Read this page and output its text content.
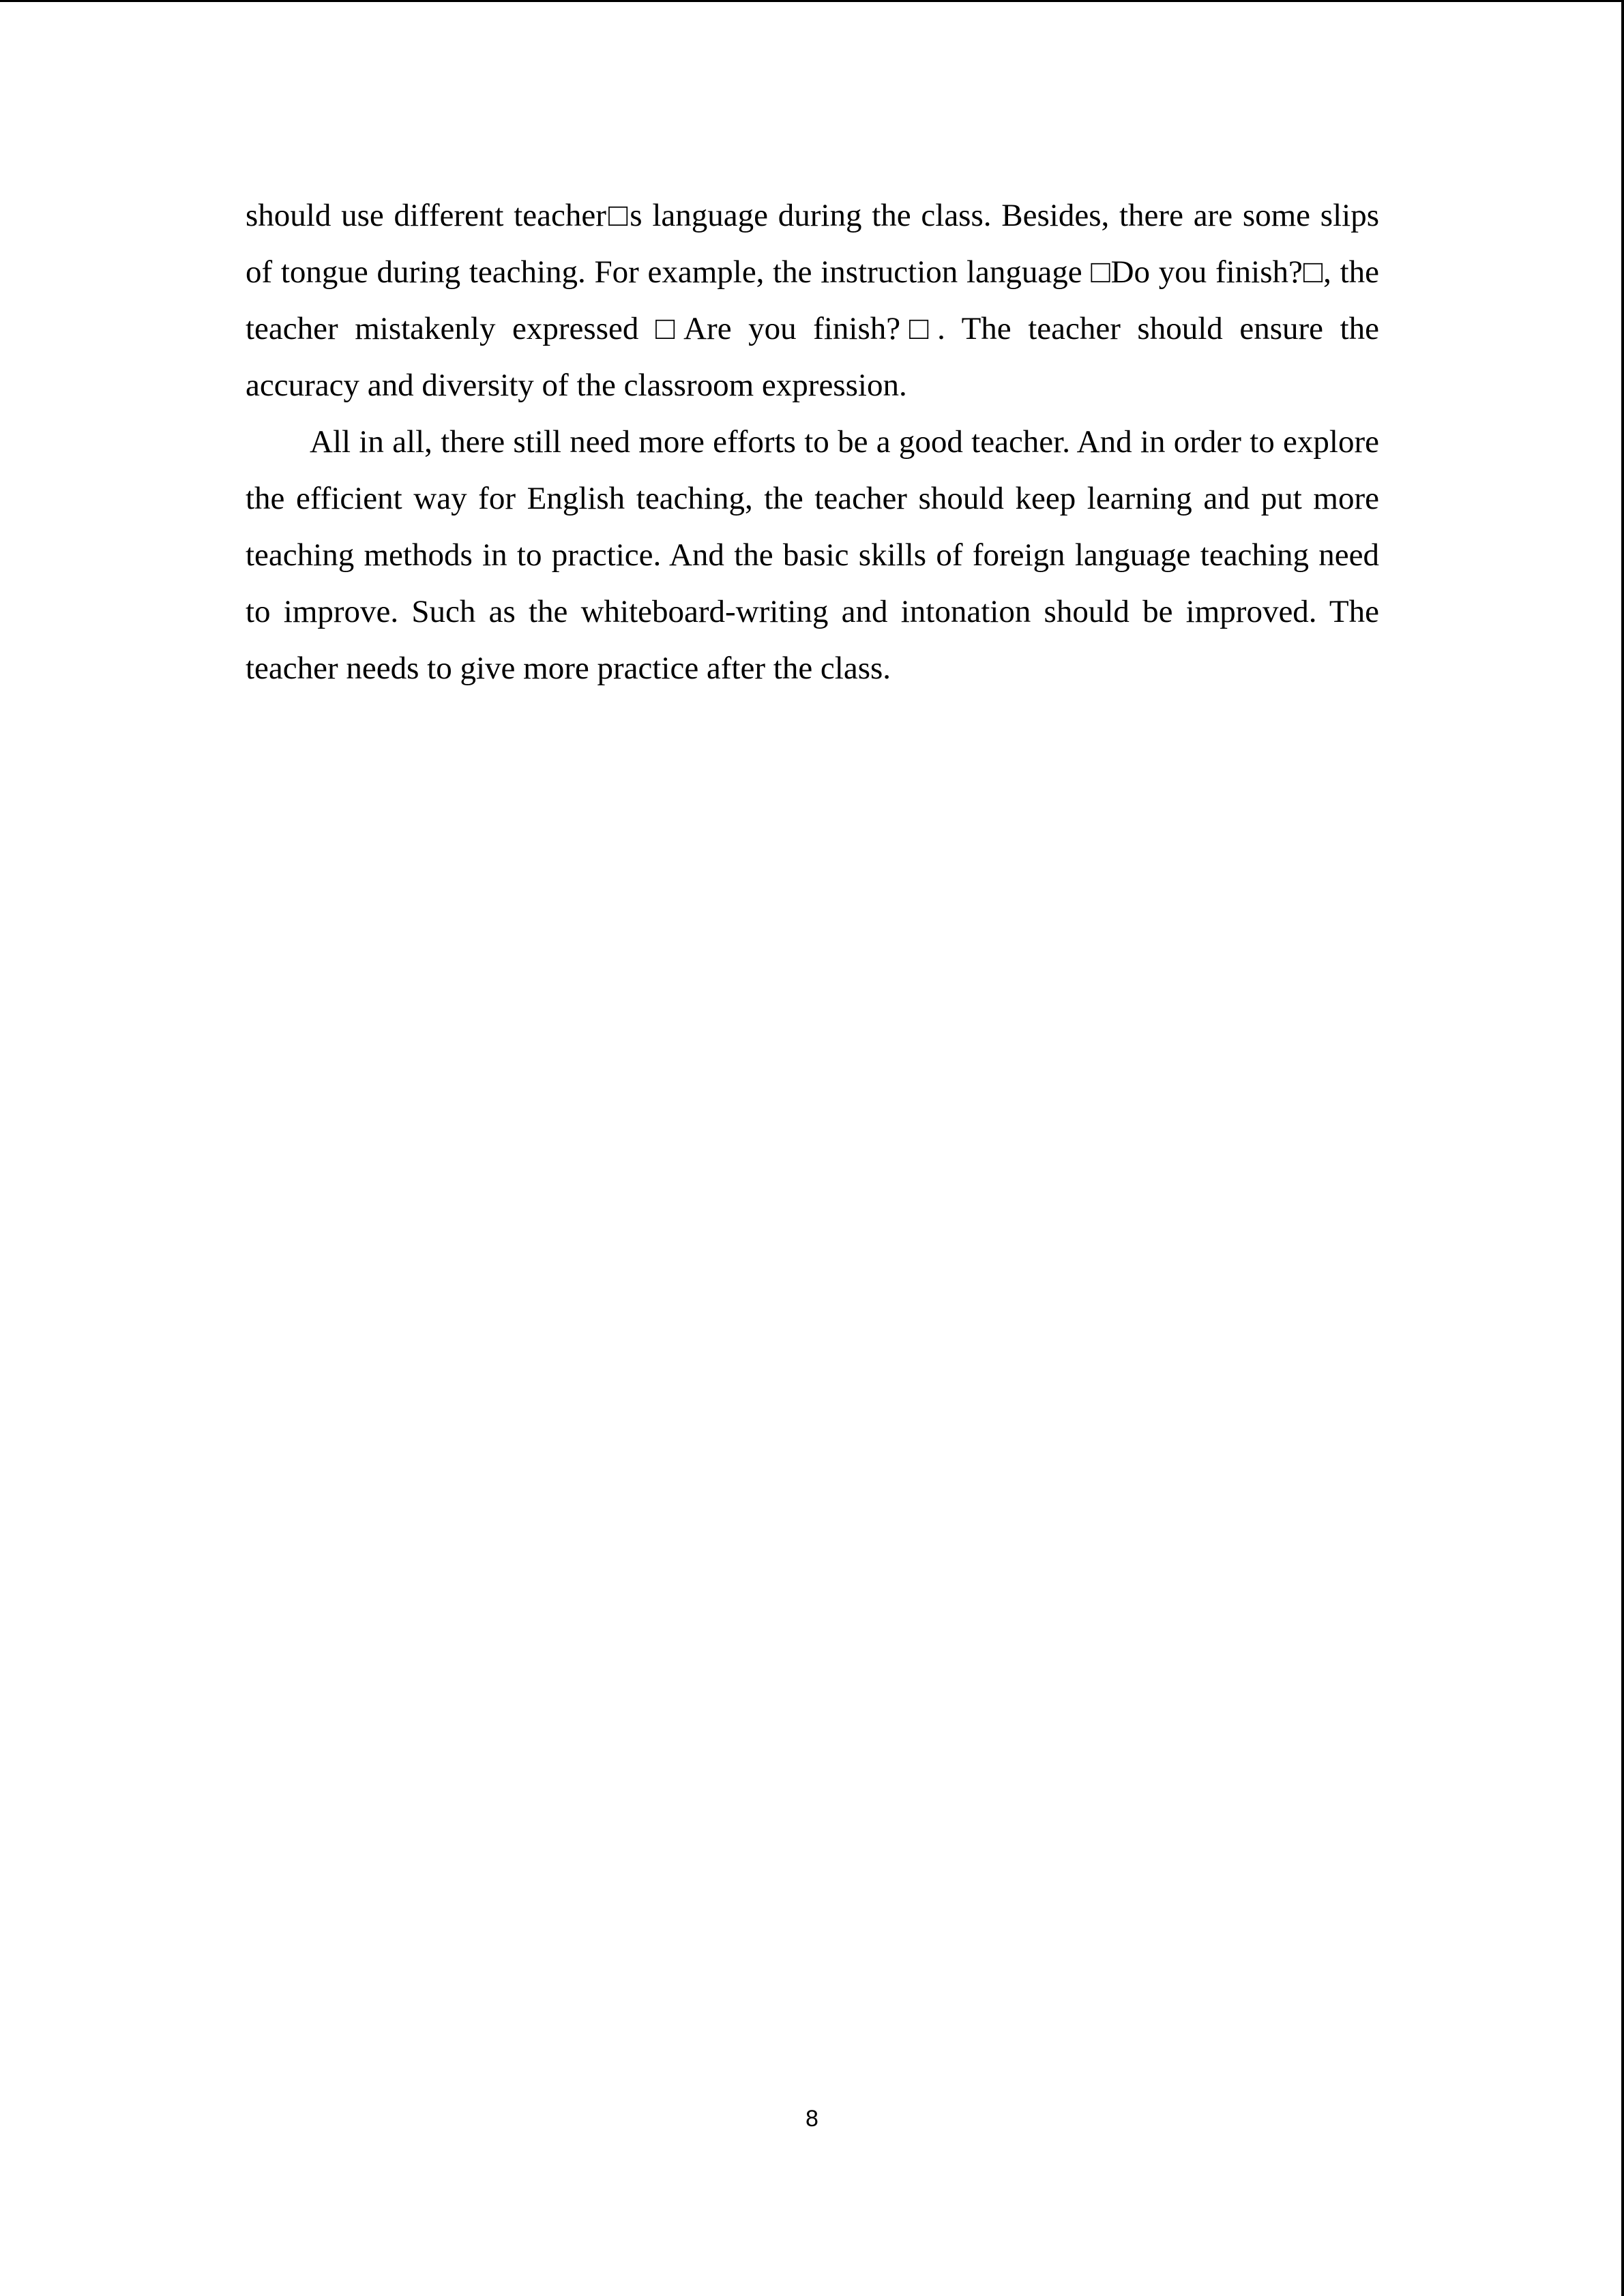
should use different teacher□s language during the class. Besides, there are some slips of tongue during teaching. For example, the instruction language □Do you finish?□, the teacher mistakenly expressed □Are you finish?□. The teacher should ensure the accuracy and diversity of the classroom expression.

All in all, there still need more efforts to be a good teacher. And in order to explore the efficient way for English teaching, the teacher should keep learning and put more teaching methods in to practice. And the basic skills of foreign language teaching need to improve. Such as the whiteboard-writing and intonation should be improved. The teacher needs to give more practice after the class.

8
